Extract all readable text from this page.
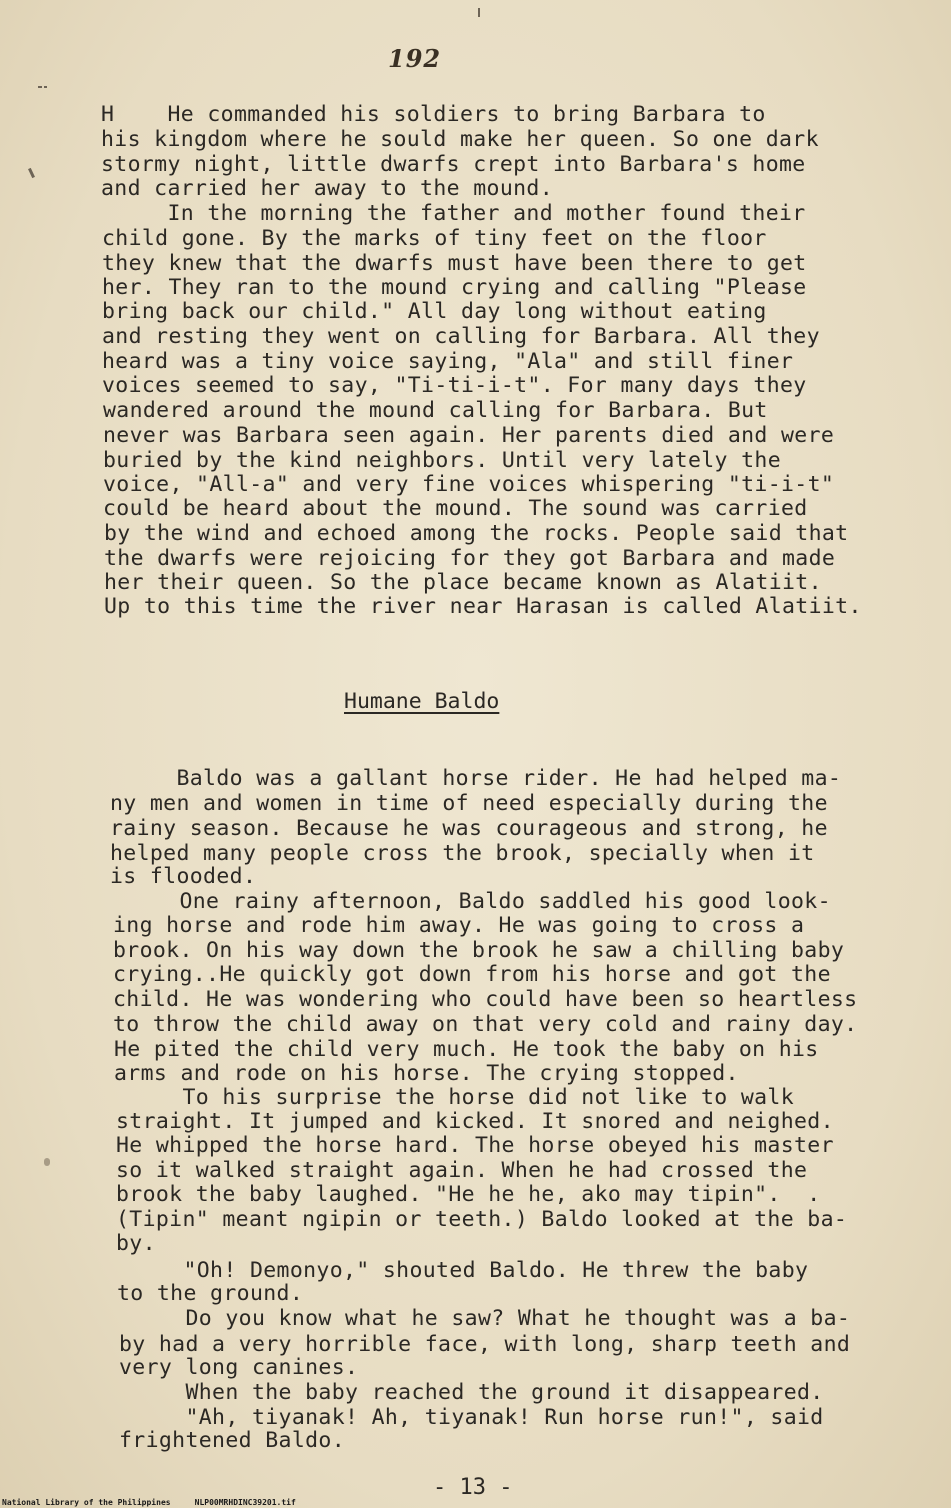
192
H    He commanded his soldiers to bring Barbara to
his kingdom where he sould make her queen. So one dark
stormy night, little dwarfs crept into Barbara's home
and carried her away to the mound.
In the morning the father and mother found their
child gone. By the marks of tiny feet on the floor
they knew that the dwarfs must have been there to get
her. They ran to the mound crying and calling "Please
bring back our child." All day long without eating
and resting they went on calling for Barbara. All they
heard was a tiny voice saying, "Ala" and still finer
voices seemed to say, "Ti-ti-i-t". For many days they
wandered around the mound calling for Barbara. But
never was Barbara seen again. Her parents died and were
buried by the kind neighbors. Until very lately the
voice, "All-a" and very fine voices whispering "ti-i-t"
could be heard about the mound. The sound was carried
by the wind and echoed among the rocks. People said that
the dwarfs were rejoicing for they got Barbara and made
her their queen. So the place became known as Alatiit.
Up to this time the river near Harasan is called Alatiit.
Humane Baldo
Baldo was a gallant horse rider. He had helped ma-
ny men and women in time of need especially during the
rainy season. Because he was courageous and strong, he
helped many people cross the brook, specially when it
is flooded.
One rainy afternoon, Baldo saddled his good look-
ing horse and rode him away. He was going to cross a
brook. On his way down the brook he saw a chilling baby
crying..He quickly got down from his horse and got the
child. He was wondering who could have been so heartless
to throw the child away on that very cold and rainy day.
He pited the child very much. He took the baby on his
arms and rode on his horse. The crying stopped.
To his surprise the horse did not like to walk
straight. It jumped and kicked. It snored and neighed.
He whipped the horse hard. The horse obeyed his master
so it walked straight again. When he had crossed the
brook the baby laughed. "He he he, ako may tipin".  .
(Tipin" meant ngipin or teeth.) Baldo looked at the ba-
by.
"Oh! Demonyo," shouted Baldo. He threw the baby
to the ground.
Do you know what he saw? What he thought was a ba-
by had a very horrible face, with long, sharp teeth and
very long canines.
When the baby reached the ground it disappeared.
"Ah, tiyanak! Ah, tiyanak! Run horse run!", said
frightened Baldo.
- 13 -
National Library of the Philippines     NLP00MRHDINC39201.tif
